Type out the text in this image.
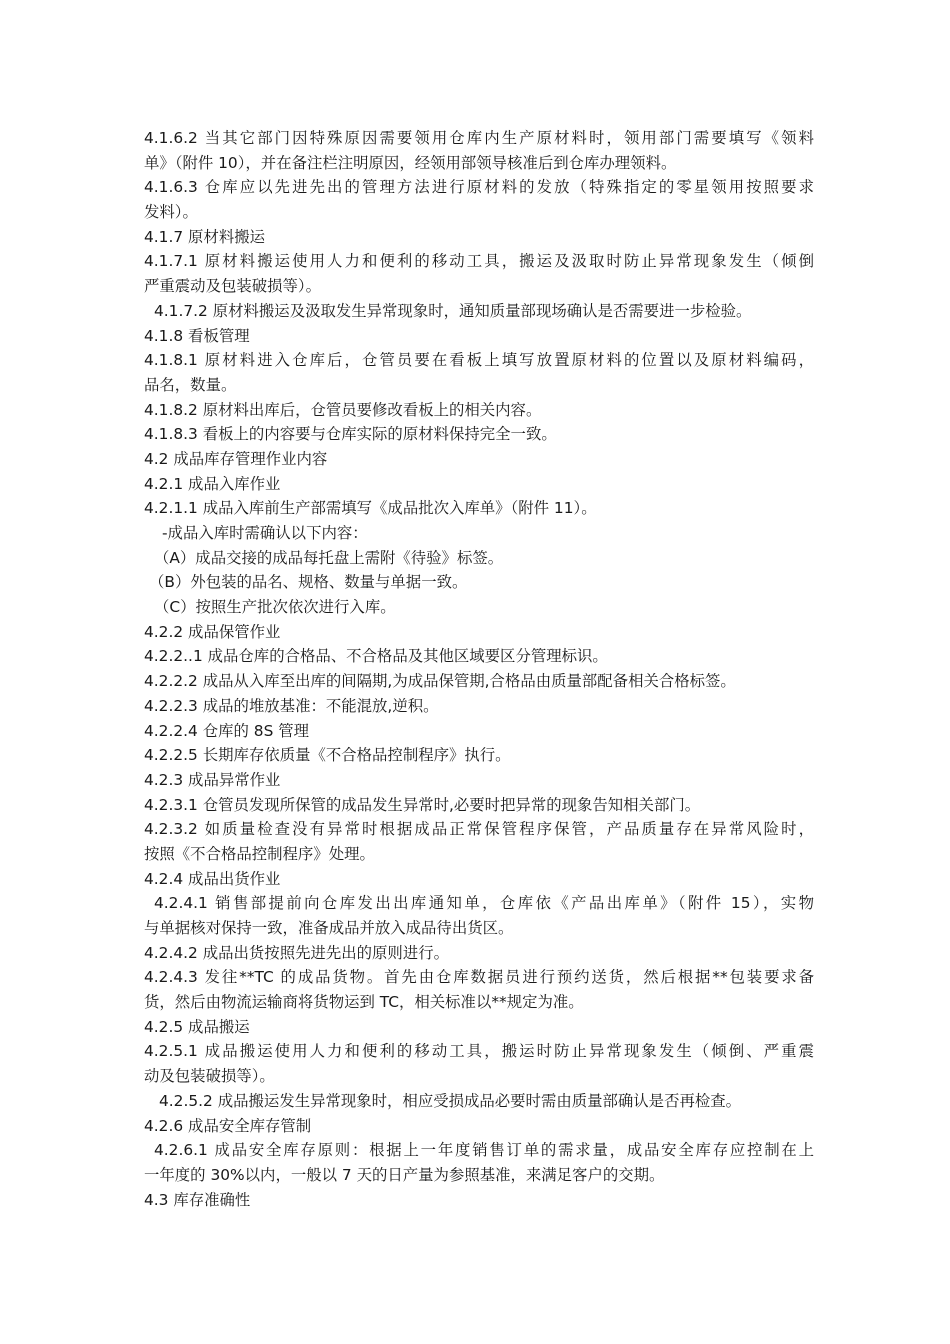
4.1.6.2 当其它部门因特殊原因需要领用仓库内生产原材料时，领用部门需要填写《领料
单》（附件 10），并在备注栏注明原因，经领用部领导核准后到仓库办理领料。
4.1.6.3 仓库应以先进先出的管理方法进行原材料的发放（特殊指定的零星领用按照要求
发料）。
4.1.7 原材料搬运
4.1.7.1 原材料搬运使用人力和便利的移动工具，搬运及汲取时防止异常现象发生（倾倒
严重震动及包装破损等）。
4.1.7.2 原材料搬运及汲取发生异常现象时，通知质量部现场确认是否需要进一步检验。
4.1.8 看板管理
4.1.8.1 原材料进入仓库后，仓管员要在看板上填写放置原材料的位置以及原材料编码，
品名，数量。
4.1.8.2 原材料出库后，仓管员要修改看板上的相关内容。
4.1.8.3 看板上的内容要与仓库实际的原材料保持完全一致。
4.2 成品库存管理作业内容
4.2.1 成品入库作业
4.2.1.1 成品入库前生产部需填写《成品批次入库单》（附件 11）。
-成品入库时需确认以下内容：
（A）成品交接的成品每托盘上需附《待验》标签。
（B）外包装的品名、规格、数量与单据一致。
（C）按照生产批次依次进行入库。
4.2.2 成品保管作业
4.2.2..1 成品仓库的合格品、不合格品及其他区域要区分管理标识。
4.2.2.2 成品从入库至出库的间隔期,为成品保管期,合格品由质量部配备相关合格标签。
4.2.2.3 成品的堆放基准：不能混放,逆积。
4.2.2.4 仓库的 8S 管理
4.2.2.5 长期库存依质量《不合格品控制程序》执行。
4.2.3 成品异常作业
4.2.3.1 仓管员发现所保管的成品发生异常时,必要时把异常的现象告知相关部门。
4.2.3.2 如质量检查没有异常时根据成品正常保管程序保管，产品质量存在异常风险时，
按照《不合格品控制程序》处理。
4.2.4 成品出货作业
4.2.4.1 销售部提前向仓库发出出库通知单，仓库依《产品出库单》（附件 15），实物
与单据核对保持一致，准备成品并放入成品待出货区。
4.2.4.2 成品出货按照先进先出的原则进行。
4.2.4.3 发往**TC 的成品货物。首先由仓库数据员进行预约送货，然后根据**包装要求备
货，然后由物流运输商将货物运到 TC，相关标准以**规定为准。
4.2.5 成品搬运
4.2.5.1 成品搬运使用人力和便利的移动工具，搬运时防止异常现象发生（倾倒、严重震
动及包装破损等）。
4.2.5.2 成品搬运发生异常现象时，相应受损成品必要时需由质量部确认是否再检查。
4.2.6 成品安全库存管制
4.2.6.1 成品安全库存原则：根据上一年度销售订单的需求量，成品安全库存应控制在上
一年度的 30%以内，一般以 7 天的日产量为参照基准，来满足客户的交期。
4.3 库存准确性
